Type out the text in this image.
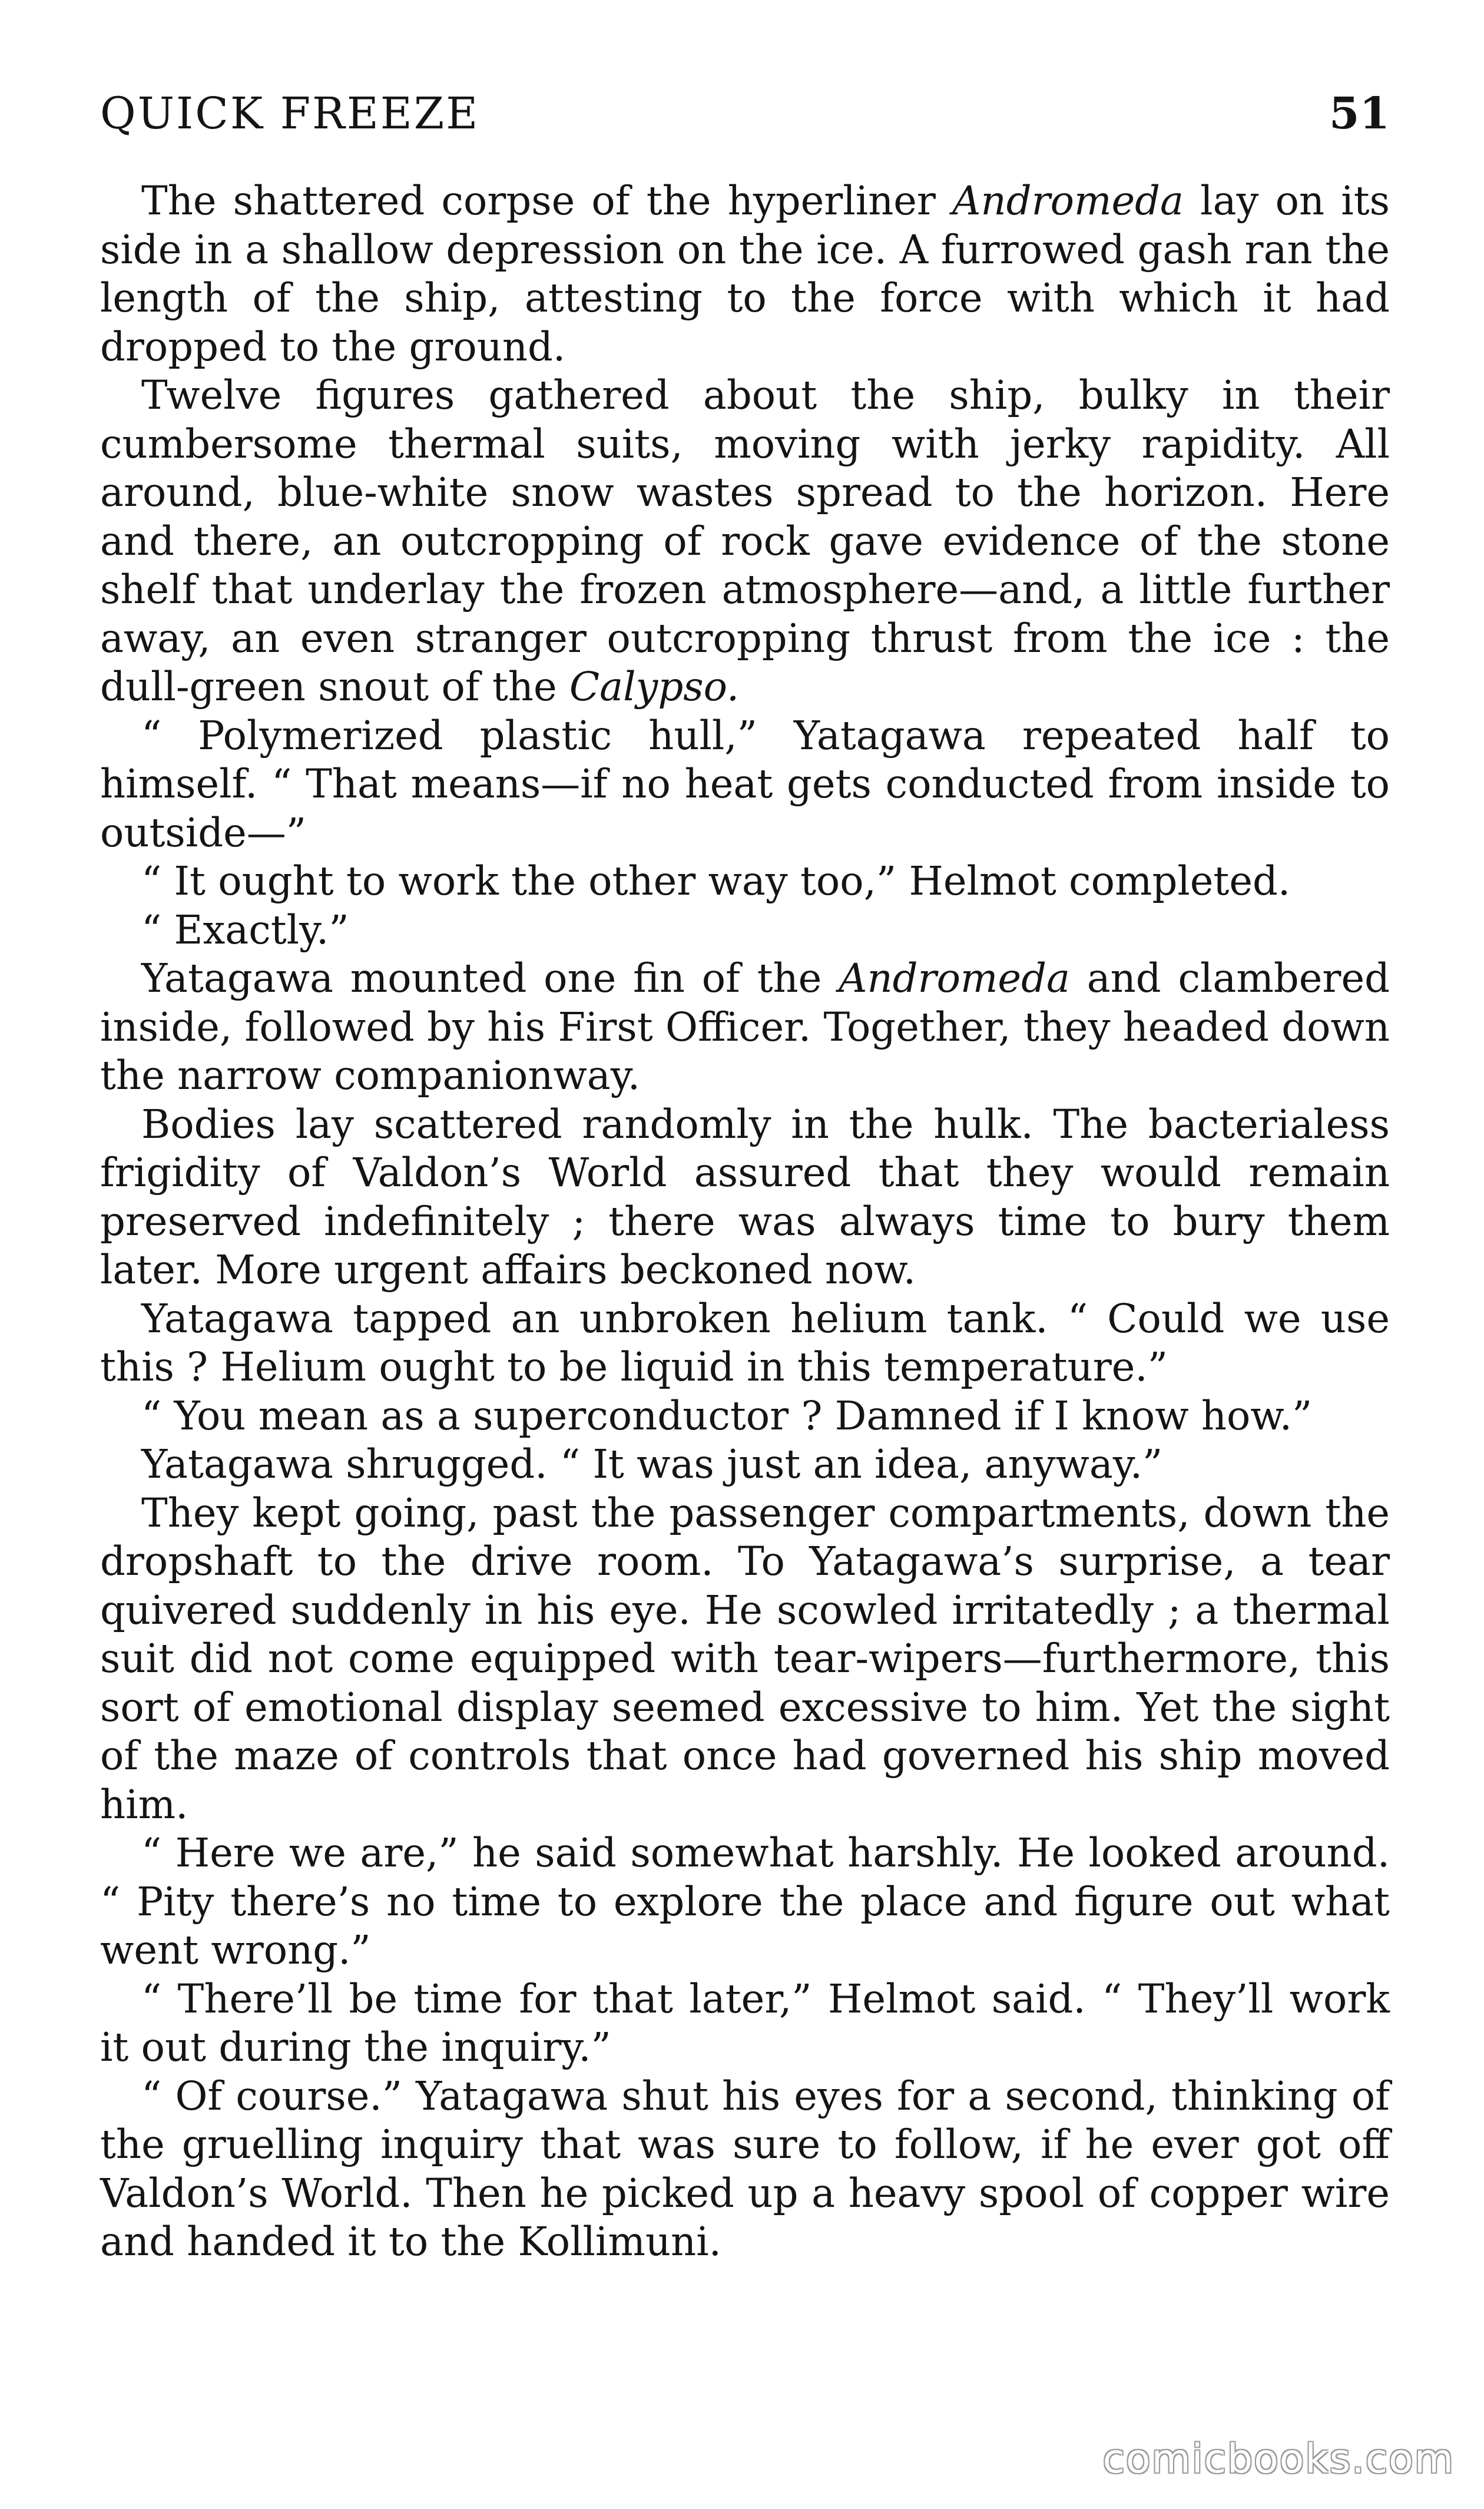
QUICK FREEZE	51

The shattered corpse of the hyperliner Andromeda lay on its side in a shallow depression on the ice. A furrowed gash ran the length of the ship, attesting to the force with which it had dropped to the ground.

Twelve figures gathered about the ship, bulky in their cumbersome thermal suits, moving with jerky rapidity. All around, blue-white snow wastes spread to the horizon. Here and there, an outcropping of rock gave evidence of the stone shelf that underlay the frozen atmosphere—and, a little further away, an even stranger outcropping thrust from the ice : the dull-green snout of the Calypso.

“ Polymerized plastic hull,” Yatagawa repeated half to himself. “ That means—if no heat gets conducted from inside to outside—”

“ It ought to work the other way too,” Helmot completed.

“ Exactly.”

Yatagawa mounted one fin of the Andromeda and clambered inside, followed by his First Officer. Together, they headed down the narrow companionway.

Bodies lay scattered randomly in the hulk. The bacterialess frigidity of Valdon’s World assured that they would remain preserved indefinitely ; there was always time to bury them later. More urgent affairs beckoned now.

Yatagawa tapped an unbroken helium tank. “ Could we use this ? Helium ought to be liquid in this temperature.”

“ You mean as a superconductor ? Damned if I know how.”

Yatagawa shrugged. “ It was just an idea, anyway.”

They kept going, past the passenger compartments, down the dropshaft to the drive room. To Yatagawa’s surprise, a tear quivered suddenly in his eye. He scowled irritatedly ; a thermal suit did not come equipped with tear-wipers—furthermore, this sort of emotional display seemed excessive to him. Yet the sight of the maze of controls that once had governed his ship moved him.

“ Here we are,” he said somewhat harshly. He looked around. “ Pity there’s no time to explore the place and figure out what went wrong.”

“ There’ll be time for that later,” Helmot said. “ They’ll work it out during the inquiry.”

“ Of course.” Yatagawa shut his eyes for a second, thinking of the gruelling inquiry that was sure to follow, if he ever got off Valdon’s World. Then he picked up a heavy spool of copper wire and handed it to the Kollimuni.

comicbooks.com
